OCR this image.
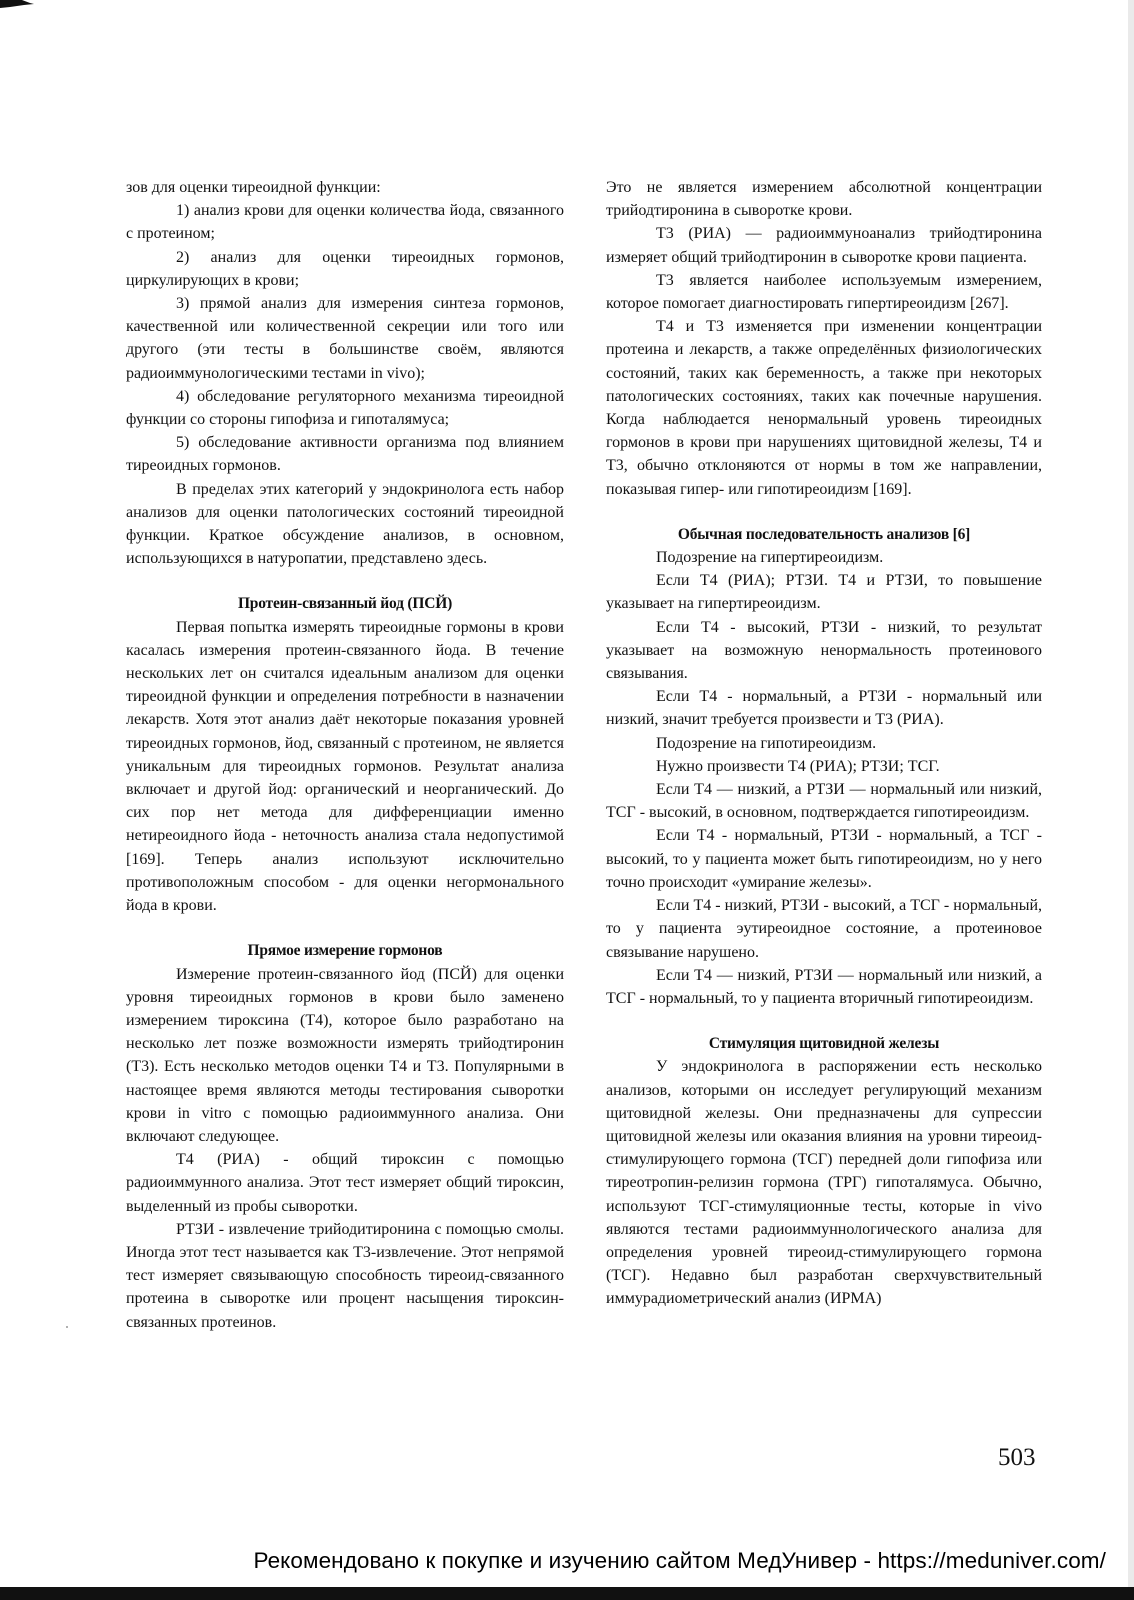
зов для оценки тиреоидной функции:

1) анализ крови для оценки количества йода, связанного с протеином;

2) анализ для оценки тиреоидных гормонов, циркулирующих в крови;

3) прямой анализ для измерения синтеза гормонов, качественной или количественной секреции или того или другого (эти тесты в большинстве своём, являются радиоиммунологическими тестами in vivo);

4) обследование регуляторного механизма тиреоидной функции со стороны гипофиза и гипоталямуса;

5) обследование активности организма под влиянием тиреоидных гормонов.

В пределах этих категорий у эндокринолога есть набор анализов для оценки патологических состояний тиреоидной функции. Краткое обсуждение анализов, в основном, использующихся в натуропатии, представлено здесь.

Протеин-связанный йод (ПСЙ)

Первая попытка измерять тиреоидные гормоны в крови касалась измерения протеин-связанного йода. В течение нескольких лет он считался идеальным анализом для оценки тиреоидной функции и определения потребности в назначении лекарств. Хотя этот анализ даёт некоторые показания уровней тиреоидных гормонов, йод, связанный с протеином, не является уникальным для тиреоидных гормонов. Результат анализа включает и другой йод: органический и неорганический. До сих пор нет метода для дифференциации именно нетиреоидного йода - неточность анализа стала недопустимой [169]. Теперь анализ используют исключительно противоположным способом - для оценки негормонального йода в крови.

Прямое измерение гормонов

Измерение протеин-связанного йод (ПСЙ) для оценки уровня тиреоидных гормонов в крови было заменено измерением тироксина (Т4), которое было разработано на несколько лет позже возможности измерять трийодтиронин (Т3). Есть несколько методов оценки Т4 и Т3. Популярными в настоящее время являются методы тестирования сыворотки крови in vitro с помощью радиоиммунного анализа. Они включают следующее.

Т4 (РИА) - общий тироксин с помощью радиоиммунного анализа. Этот тест измеряет общий тироксин, выделенный из пробы сыворотки.

РТЗИ - извлечение трийодитиронина с помощью смолы. Иногда этот тест называется как Т3-извлечение. Этот непрямой тест измеряет связывающую способность тиреоид-связанного протеина в сыворотке или процент насыщения тироксин-связанных протеинов.

Это не является измерением абсолютной концентрации трийодтиронина в сыворотке крови.

Т3 (РИА) — радиоиммуноанализ трийодтиронина измеряет общий трийодтиронин в сыворотке крови пациента.

Т3 является наиболее используемым измерением, которое помогает диагностировать гипертиреоидизм [267].

Т4 и Т3 изменяется при изменении концентрации протеина и лекарств, а также определённых физиологических состояний, таких как беременность, а также при некоторых патологических состояниях, таких как почечные нарушения. Когда наблюдается ненормальный уровень тиреоидных гормонов в крови при нарушениях щитовидной железы, Т4 и Т3, обычно отклоняются от нормы в том же направлении, показывая гипер- или гипотиреоидизм [169].

Обычная последовательность анализов [6]

Подозрение на гипертиреоидизм.

Если Т4 (РИА); РТЗИ. Т4 и РТЗИ, то повышение указывает на гипертиреоидизм.

Если Т4 - высокий, РТЗИ - низкий, то результат указывает на возможную ненормальность протеинового связывания.

Если Т4 - нормальный, а РТЗИ - нормальный или низкий, значит требуется произвести и Т3 (РИА).

Подозрение на гипотиреоидизм.

Нужно произвести Т4 (РИА); РТЗИ; ТСГ.

Если Т4 — низкий, а РТЗИ — нормальный или низкий, ТСГ - высокий, в основном, подтверждается гипотиреоидизм.

Если Т4 - нормальный, РТЗИ - нормальный, а ТСГ - высокий, то у пациента может быть гипотиреоидизм, но у него точно происходит «умирание железы».

Если Т4 - низкий, РТЗИ - высокий, а ТСГ - нормальный, то у пациента эутиреоидное состояние, а протеиновое связывание нарушено.

Если Т4 — низкий, РТЗИ — нормальный или низкий, а ТСГ - нормальный, то у пациента вторичный гипотиреоидизм.

Стимуляция щитовидной железы

У эндокринолога в распоряжении есть несколько анализов, которыми он исследует регулирующий механизм щитовидной железы. Они предназначены для супрессии щитовидной железы или оказания влияния на уровни тиреоид-стимулирующего гормона (ТСГ) передней доли гипофиза или тиреотропин-релизин гормона (ТРГ) гипоталямуса. Обычно, используют ТСГ-стимуляционные тесты, которые in vivo являются тестами радиоиммуннологического анализа для определения уровней тиреоид-стимулирующего гормона (ТСГ). Недавно был разработан сверхчувствительный иммурадиометрический анализ (ИРМА)

503
Рекомендовано к покупке и изучению сайтом МедУнивер - https://meduniver.com/
